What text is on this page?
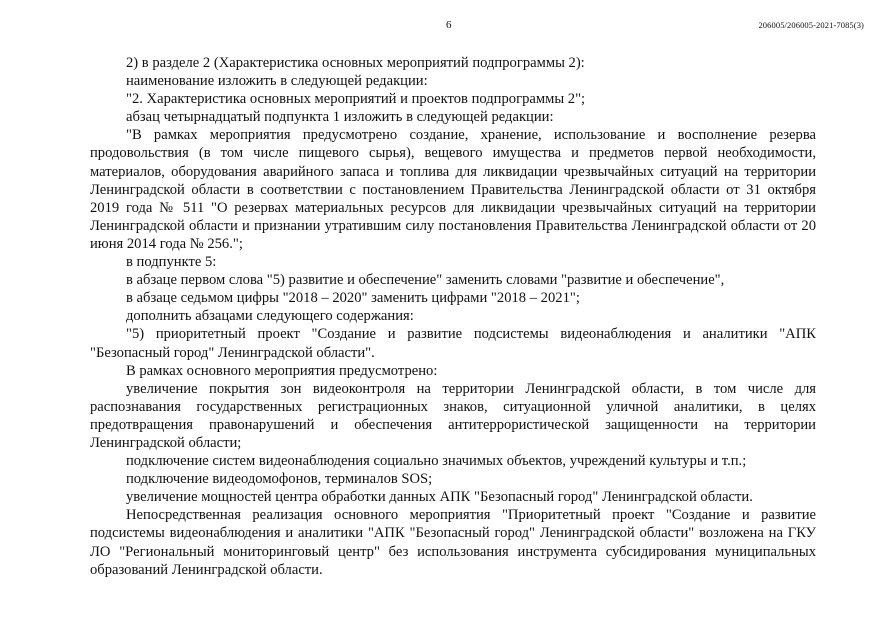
6	206005/206005-2021-7085(3)

2) в разделе 2 (Характеристика основных мероприятий подпрограммы 2):

наименование изложить в следующей редакции:

"2. Характеристика основных мероприятий и проектов подпрограммы 2";

абзац четырнадцатый подпункта 1 изложить в следующей редакции:

"В рамках мероприятия предусмотрено создание, хранение, использование и восполнение резерва продовольствия (в том числе пищевого сырья), вещевого имущества и предметов первой необходимости, материалов, оборудования аварийного запаса и топлива для ликвидации чрезвычайных ситуаций на территории Ленинградской области в соответствии с постановлением Правительства Ленинградской области от 31 октября 2019 года № 511 "О резервах материальных ресурсов для ликвидации чрезвычайных ситуаций на территории Ленинградской области и признании утратившим силу постановления Правительства Ленинградской области от 20 июня 2014 года № 256.";

в подпункте 5:

в абзаце первом слова "5) развитие и обеспечение" заменить словами "развитие и обеспечение",

в абзаце седьмом цифры "2018 – 2020" заменить цифрами "2018 – 2021";

дополнить абзацами следующего содержания:

"5) приоритетный проект "Создание и развитие подсистемы видеонаблюдения и аналитики "АПК "Безопасный город" Ленинградской области".

В рамках основного мероприятия предусмотрено:

увеличение покрытия зон видеоконтроля на территории Ленинградской области, в том числе для распознавания государственных регистрационных знаков, ситуационной уличной аналитики, в целях предотвращения правонарушений и обеспечения антитеррористической защищенности на территории Ленинградской области;

подключение систем видеонаблюдения социально значимых объектов, учреждений культуры и т.п.;

подключение видеодомофонов, терминалов SOS;

увеличение мощностей центра обработки данных АПК "Безопасный город" Ленинградской области.

Непосредственная реализация основного мероприятия "Приоритетный проект "Создание и развитие подсистемы видеонаблюдения и аналитики "АПК "Безопасный город" Ленинградской области" возложена на ГКУ ЛО "Региональный мониторинговый центр" без использования инструмента субсидирования муниципальных образований Ленинградской области.
